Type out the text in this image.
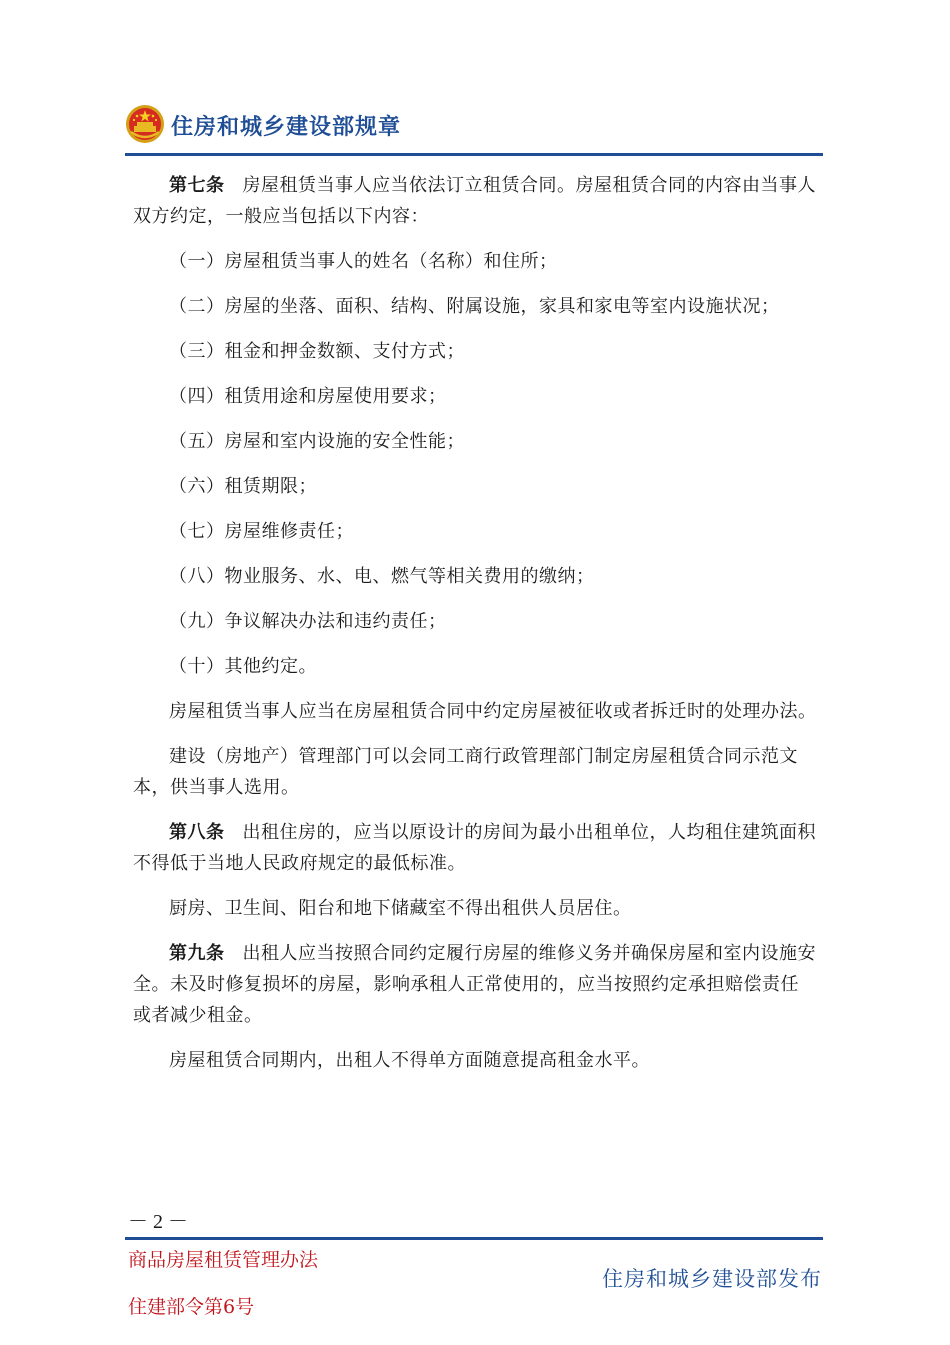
住房和城乡建设部规章

第七条 房屋租赁当事人应当依法订立租赁合同。房屋租赁合同的内容由当事人双方约定，一般应当包括以下内容：

（一）房屋租赁当事人的姓名（名称）和住所；

（二）房屋的坐落、面积、结构、附属设施，家具和家电等室内设施状况；

（三）租金和押金数额、支付方式；

（四）租赁用途和房屋使用要求；

（五）房屋和室内设施的安全性能；

（六）租赁期限；

（七）房屋维修责任；

（八）物业服务、水、电、燃气等相关费用的缴纳；

（九）争议解决办法和违约责任；

（十）其他约定。

房屋租赁当事人应当在房屋租赁合同中约定房屋被征收或者拆迁时的处理办法。

建设（房地产）管理部门可以会同工商行政管理部门制定房屋租赁合同示范文本，供当事人选用。

第八条 出租住房的，应当以原设计的房间为最小出租单位，人均租住建筑面积不得低于当地人民政府规定的最低标准。

厨房、卫生间、阳台和地下储藏室不得出租供人员居住。

第九条 出租人应当按照合同约定履行房屋的维修义务并确保房屋和室内设施安全。未及时修复损坏的房屋，影响承租人正常使用的，应当按照约定承担赔偿责任或者减少租金。

房屋租赁合同期内，出租人不得单方面随意提高租金水平。

－ 2 －
商品房屋租赁管理办法
住建部令第6号
住房和城乡建设部发布
